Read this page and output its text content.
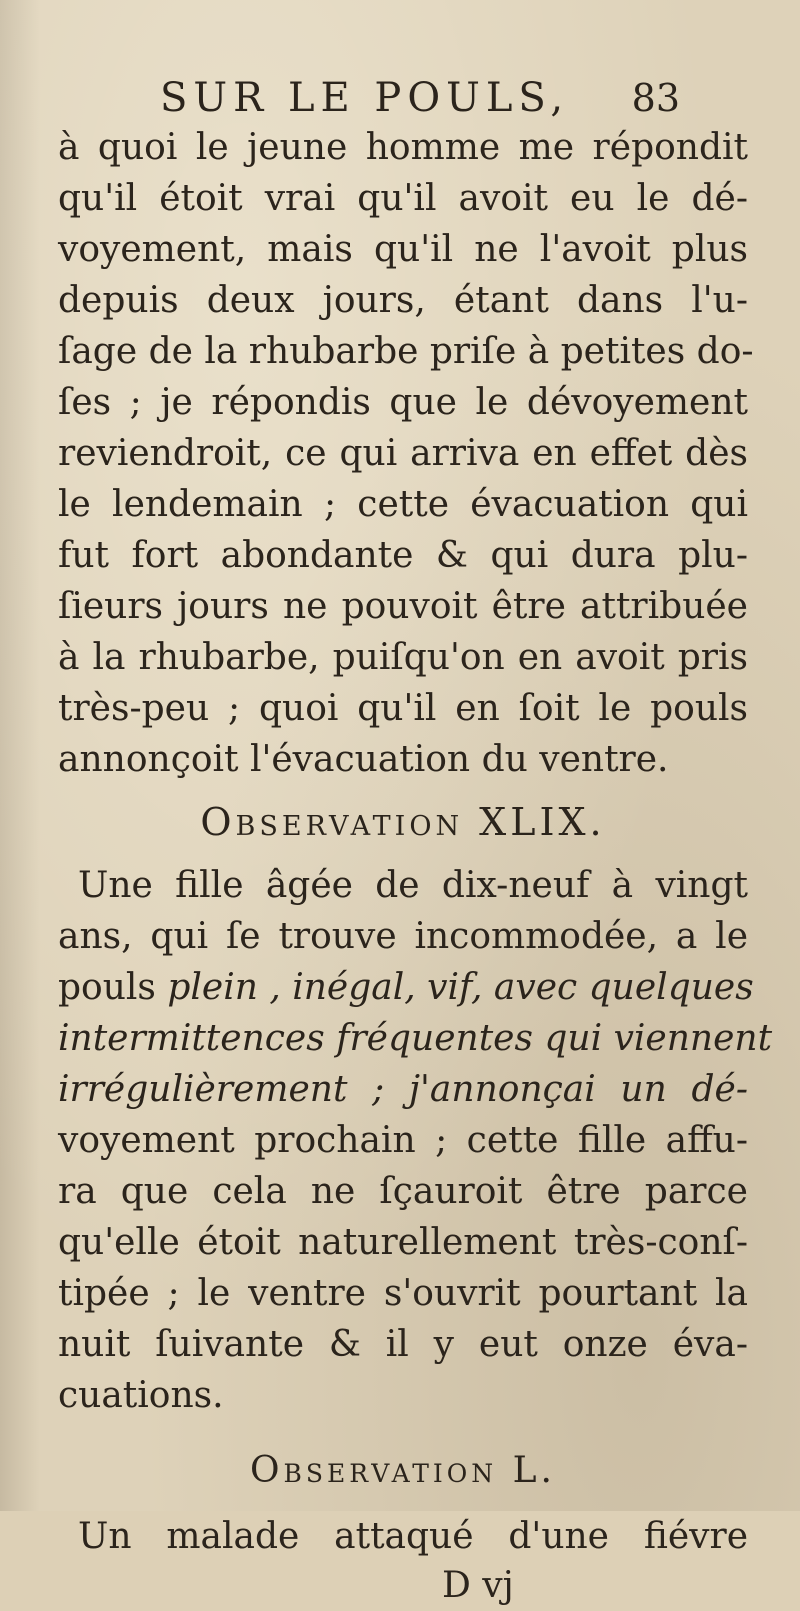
SUR LE POULS, 83
à quoi le jeune homme me répondit
qu'il étoit vrai qu'il avoit eu le dé-
voyement, mais qu'il ne l'avoit plus
depuis deux jours, étant dans l'u-
ſage de la rhubarbe priſe à petites do-
ſes ; je répondis que le dévoyement
reviendroit, ce qui arriva en effet dès
le lendemain ; cette évacuation qui
fut fort abondante & qui dura plu-
ſieurs jours ne pouvoit être attribuée
à la rhubarbe, puiſqu'on en avoit pris
très-peu ; quoi qu'il en ſoit le pouls
annonçoit l'évacuation du ventre.
Observation XLIX.
Une fille âgée de dix-neuf à vingt
ans, qui ſe trouve incommodée, a le
pouls plein , inégal, vif, avec quelques
intermittences fréquentes qui viennent
irrégulièrement ; j'annonçai un dé-
voyement prochain ; cette fille affu-
ra que cela ne ſçauroit être parce
qu'elle étoit naturellement très-conſ-
tipée ; le ventre s'ouvrit pourtant la
nuit ſuivante & il y eut onze éva-
cuations.
Observation L.
Un malade attaqué d'une fiévre
D vj
